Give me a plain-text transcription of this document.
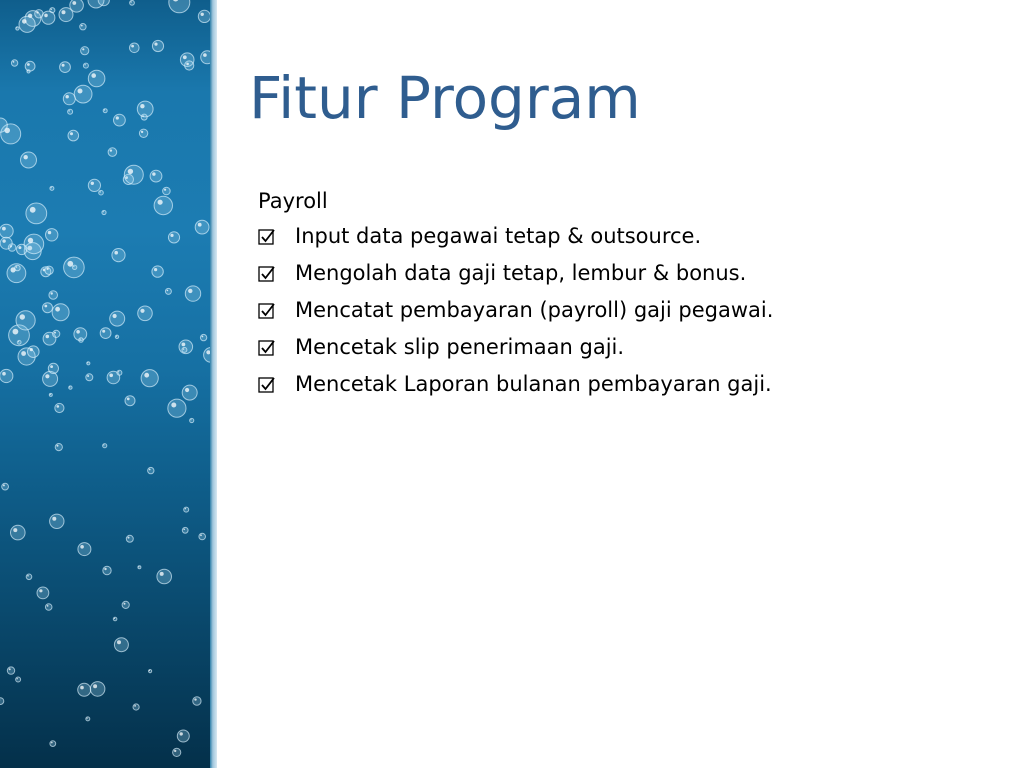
Fitur Program
Payroll
Input data pegawai tetap & outsource.
Mengolah data gaji tetap, lembur & bonus.
Mencatat pembayaran (payroll) gaji pegawai.
Mencetak slip penerimaan gaji.
Mencetak Laporan bulanan pembayaran gaji.
